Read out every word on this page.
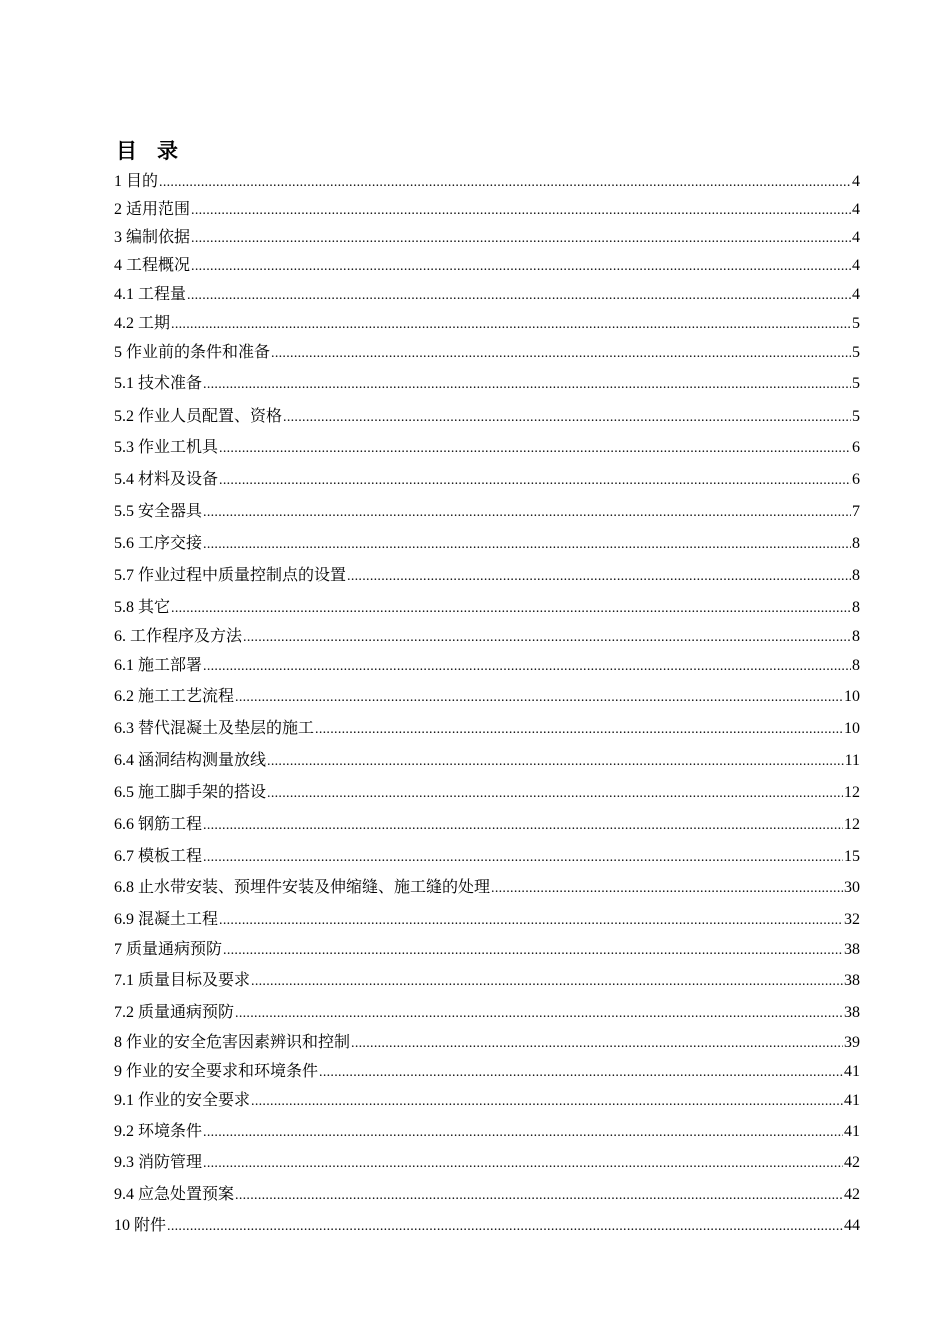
目 录
1 目的 .....	4
2 适用范围 .....	4
3 编制依据 .....	4
4 工程概况 .....	4
4.1 工程量 .....	4
4.2 工期 .....	5
5 作业前的条件和准备 .....	5
5.1 技术准备 .....	5
5.2 作业人员配置、资格 .....	5
5.3 作业工机具 .....	6
5.4 材料及设备 .....	6
5.5 安全器具 .....	7
5.6 工序交接 .....	8
5.7 作业过程中质量控制点的设置 .....	8
5.8 其它 .....	8
6. 工作程序及方法 .....	8
6.1 施工部署 .....	8
6.2 施工工艺流程 .....	10
6.3 替代混凝土及垫层的施工 .....	10
6.4 涵洞结构测量放线 .....	11
6.5 施工脚手架的搭设 .....	12
6.6 钢筋工程 .....	12
6.7 模板工程 .....	15
6.8 止水带安装、预埋件安装及伸缩缝、施工缝的处理 .....	30
6.9 混凝土工程 .....	32
7 质量通病预防 .....	38
7.1 质量目标及要求 .....	38
7.2 质量通病预防 .....	38
8 作业的安全危害因素辨识和控制 .....	39
9 作业的安全要求和环境条件 .....	41
9.1 作业的安全要求 .....	41
9.2 环境条件 .....	41
9.3 消防管理 .....	42
9.4 应急处置预案 .....	42
10 附件 .....	44
